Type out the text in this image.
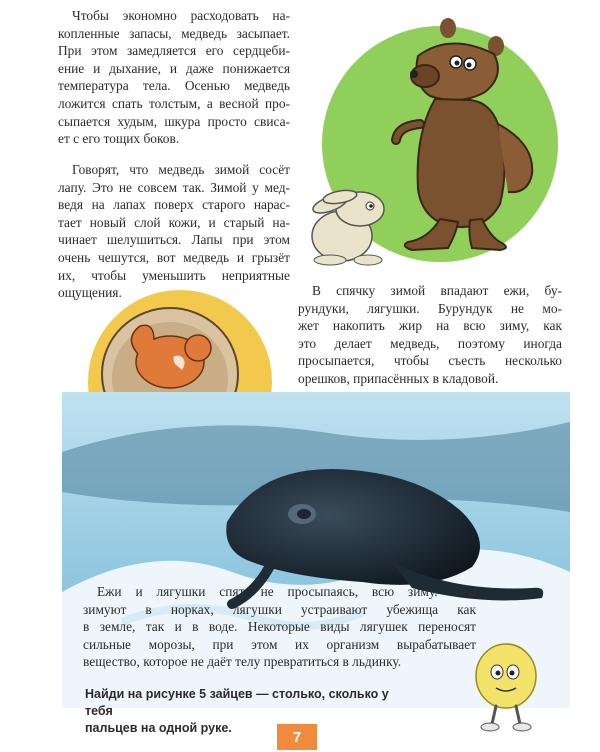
Чтобы экономно расходовать на-
копленные запасы, медведь засыпает.
При этом замедляется его сердцеби-
ение и дыхание, и даже понижается
температура тела. Осенью медведь
ложится спать толстым, а весной про-
сыпается худым, шкура просто свиса-
ет с его тощих боков.
Говорят, что медведь зимой сосёт
лапу. Это не совсем так. Зимой у мед-
ведя на лапах поверх старого нарас-
тает новый слой кожи, и старый на-
чинает шелушиться. Лапы при этом
очень чешутся, вот медведь и грызёт
их, чтобы уменьшить неприятные
ощущения.	В спячку зимой впадают ежи, бу-
рундуки, лягушки. Бурундук не мо-
жет накопить жир на всю зиму, как
это делает медведь, поэтому иногда
просыпается, чтобы съесть несколько
орешков, припасённых в кладовой.
Ежи и лягушки спят, не просыпаясь, всю зиму. Ежи
зимуют в норках, лягушки устраивают убежища как
в земле, так и в воде. Некоторые виды лягушек переносят
сильные морозы, при этом их организм вырабатывает
вещество, которое не даёт телу превратиться в льдинку.
Найди на рисунке 5 зайцев — столько, сколько у тебя
пальцев на одной руке.
7
